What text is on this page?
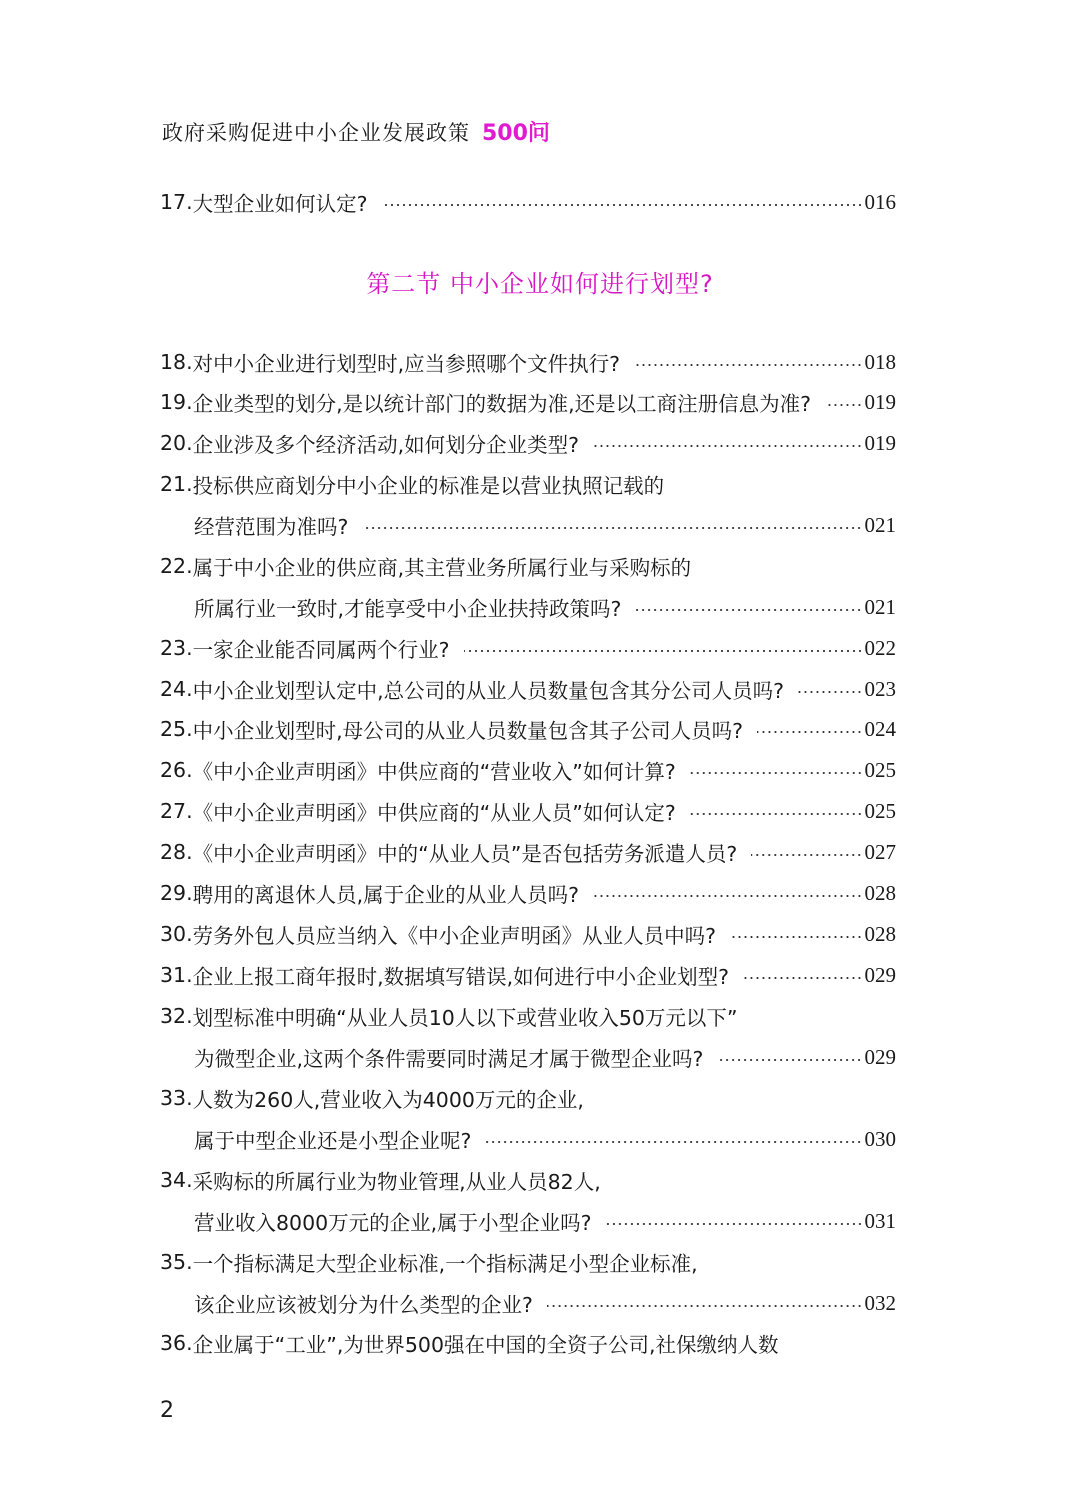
政府采购促进中小企业发展政策 500问
第二节 中小企业如何进行划型?
17. 大型企业如何认定?	016
18. 对中小企业进行划型时,应当参照哪个文件执行?	018
19. 企业类型的划分,是以统计部门的数据为准,还是以工商注册信息为准?	019
20. 企业涉及多个经济活动,如何划分企业类型?	019
21. 投标供应商划分中小企业的标准是以营业执照记载的
经营范围为准吗?	021
22. 属于中小企业的供应商,其主营业务所属行业与采购标的
所属行业一致时,才能享受中小企业扶持政策吗?	021
23. 一家企业能否同属两个行业?	022
24. 中小企业划型认定中,总公司的从业人员数量包含其分公司人员吗?	023
25. 中小企业划型时,母公司的从业人员数量包含其子公司人员吗?	024
26. 《中小企业声明函》中供应商的“营业收入”如何计算?	025
27. 《中小企业声明函》中供应商的“从业人员”如何认定?	025
28. 《中小企业声明函》中的“从业人员”是否包括劳务派遣人员?	027
29. 聘用的离退休人员,属于企业的从业人员吗?	028
30. 劳务外包人员应当纳入《中小企业声明函》从业人员中吗?	028
31. 企业上报工商年报时,数据填写错误,如何进行中小企业划型?	029
32. 划型标准中明确“从业人员10人以下或营业收入50万元以下”
为微型企业,这两个条件需要同时满足才属于微型企业吗?	029
33. 人数为260人,营业收入为4000万元的企业,
属于中型企业还是小型企业呢?	030
34. 采购标的所属行业为物业管理,从业人员82人,
营业收入8000万元的企业,属于小型企业吗?	031
35. 一个指标满足大型企业标准,一个指标满足小型企业标准,
该企业应该被划分为什么类型的企业?	032
36. 企业属于“工业”,为世界500强在中国的全资子公司,社保缴纳人数
2
